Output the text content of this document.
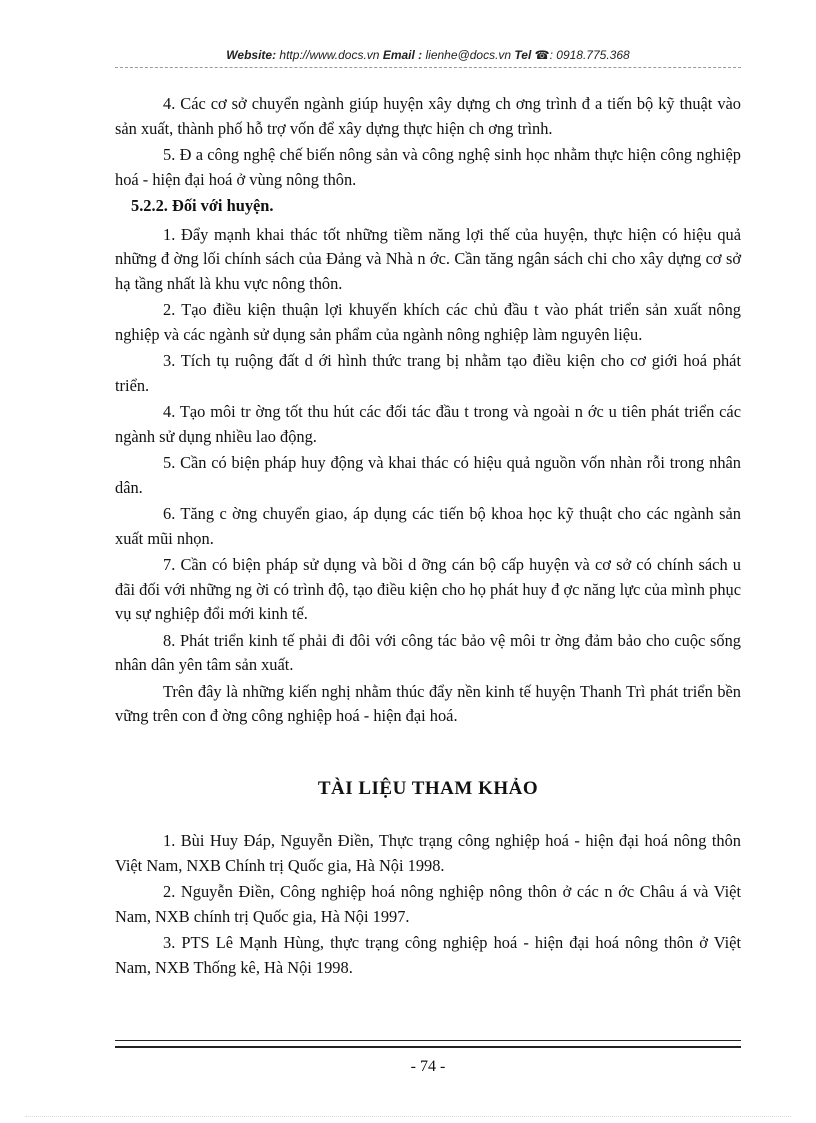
Website: http://www.docs.vn Email : lienhe@docs.vn Tel ☎: 0918.775.368

4. Các cơ sở chuyển ngành giúp huyện xây dựng ch ơng trình đ a tiến bộ kỹ thuật vào sản xuất, thành phố hỗ trợ vốn để xây dựng thực hiện ch ơng trình.

5. Đ a công nghệ chế biến nông sản và công nghệ sinh học nhằm thực hiện công nghiệp hoá - hiện đại hoá ở vùng nông thôn.

5.2.2. Đối với huyện.

1. Đẩy mạnh khai thác tốt những tiềm năng lợi thế của huyện, thực hiện có hiệu quả những đ ờng lối chính sách của Đảng và Nhà n ớc. Cần tăng ngân sách chi cho xây dựng cơ sở hạ tầng nhất là khu vực nông thôn.

2. Tạo điều kiện thuận lợi khuyến khích các chủ đầu t vào phát triển sản xuất nông nghiệp và các ngành sử dụng sản phẩm của ngành nông nghiệp làm nguyên liệu.

3. Tích tụ ruộng đất d ới hình thức trang bị nhằm tạo điều kiện cho cơ giới hoá phát triển.

4. Tạo môi tr ờng tốt thu hút các đối tác đầu t trong và ngoài n ớc u tiên phát triển các ngành sử dụng nhiều lao động.

5. Cần có biện pháp huy động và khai thác có hiệu quả nguồn vốn nhàn rỗi trong nhân dân.

6. Tăng c ờng chuyển giao, áp dụng các tiến bộ khoa học kỹ thuật cho các ngành sản xuất mũi nhọn.

7. Cần có biện pháp sử dụng và bồi d ỡng cán bộ cấp huyện và cơ sở có chính sách u đãi đối với những ng ời có trình độ, tạo điều kiện cho họ phát huy đ ợc năng lực của mình phục vụ sự nghiệp đổi mới kinh tế.

8. Phát triển kinh tế phải đi đôi với công tác bảo vệ môi tr ờng đảm bảo cho cuộc sống nhân dân yên tâm sản xuất.

Trên đây là những kiến nghị nhằm thúc đẩy nền kinh tế huyện Thanh Trì phát triển bền vững trên con đ ờng công nghiệp hoá - hiện đại hoá.

TÀI LIỆU THAM KHẢO

1. Bùi Huy Đáp, Nguyễn Điền, Thực trạng công nghiệp hoá - hiện đại hoá nông thôn Việt Nam, NXB Chính trị Quốc gia, Hà Nội 1998.

2. Nguyễn Điền, Công nghiệp hoá nông nghiệp nông thôn ở các n ớc Châu á và Việt Nam, NXB chính trị Quốc gia, Hà Nội 1997.

3. PTS Lê Mạnh Hùng, thực trạng công nghiệp hoá - hiện đại hoá nông thôn ở Việt Nam, NXB Thống kê, Hà Nội 1998.

- 74 -
